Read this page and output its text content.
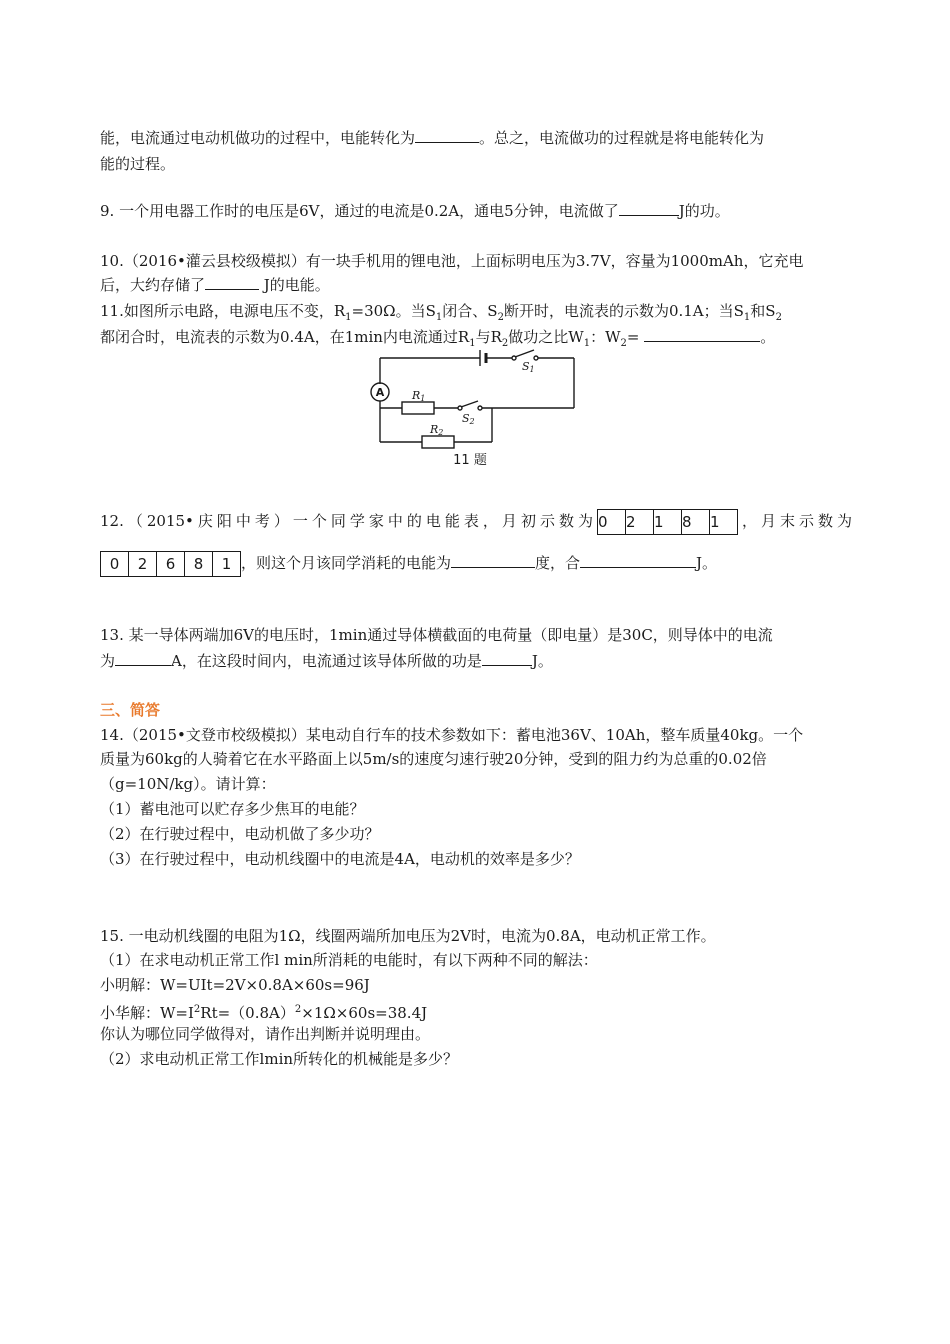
能，电流通过电动机做功的过程中，电能转化为	。总之，电流做功的过程就是将电能转化为
能的过程。
9. 一个用电器工作时的电压是6V，通过的电流是0.2A，通电5分钟，电流做了	J的功。
10.（2016•灌云县校级模拟）有一块手机用的锂电池，上面标明电压为3.7V，容量为1000mAh，它充电
后，大约存储了	J的电能。
11.如图所示电路，电源电压不变，$R_1=30\Omega$。当$S_1$闭合、$S_2$断开时，电流表的示数为0.1A；当$S_1$和$S_2$
都闭合时，电流表的示数为0.4A，在1min内电流通过$R_1$与$R_2$做功之比$W_1$：$W_2=$	。
A
S1
R1
S2
R2
11 题
12.（2015•庆阳中考）一个同学家中的电能表，月初示数为 0	2	1	8	1	，月末示数为
0	2	6	8	1 ，则这个月该同学消耗的电能为	度，合	J。
13. 某一导体两端加6V的电压时，1min通过导体横截面的电荷量（即电量）是30C，则导体中的电流
为	A，在这段时间内，电流通过该导体所做的功是	J。
三、简答
14.（2015•文登市校级模拟）某电动自行车的技术参数如下：蓄电池36V、10Ah，整车质量40kg。一个
质量为60kg的人骑着它在水平路面上以5m/s的速度匀速行驶20分钟，受到的阻力约为总重的0.02倍
（g=10N/kg）。请计算：
（1）蓄电池可以贮存多少焦耳的电能？
（2）在行驶过程中，电动机做了多少功？
（3）在行驶过程中，电动机线圈中的电流是4A，电动机的效率是多少？
15. 一电动机线圈的电阻为1Ω，线圈两端所加电压为2V时，电流为0.8A，电动机正常工作。
（1）在求电动机正常工作l min所消耗的电能时，有以下两种不同的解法：
小明解：W=UIt=2V×0.8A×60s=96J
小华解：$W=I^2Rt=(0.8A)^2\times 1\Omega\times 60s=38.4J$
你认为哪位同学做得对，请作出判断并说明理由。
（2）求电动机正常工作lmin所转化的机械能是多少？
